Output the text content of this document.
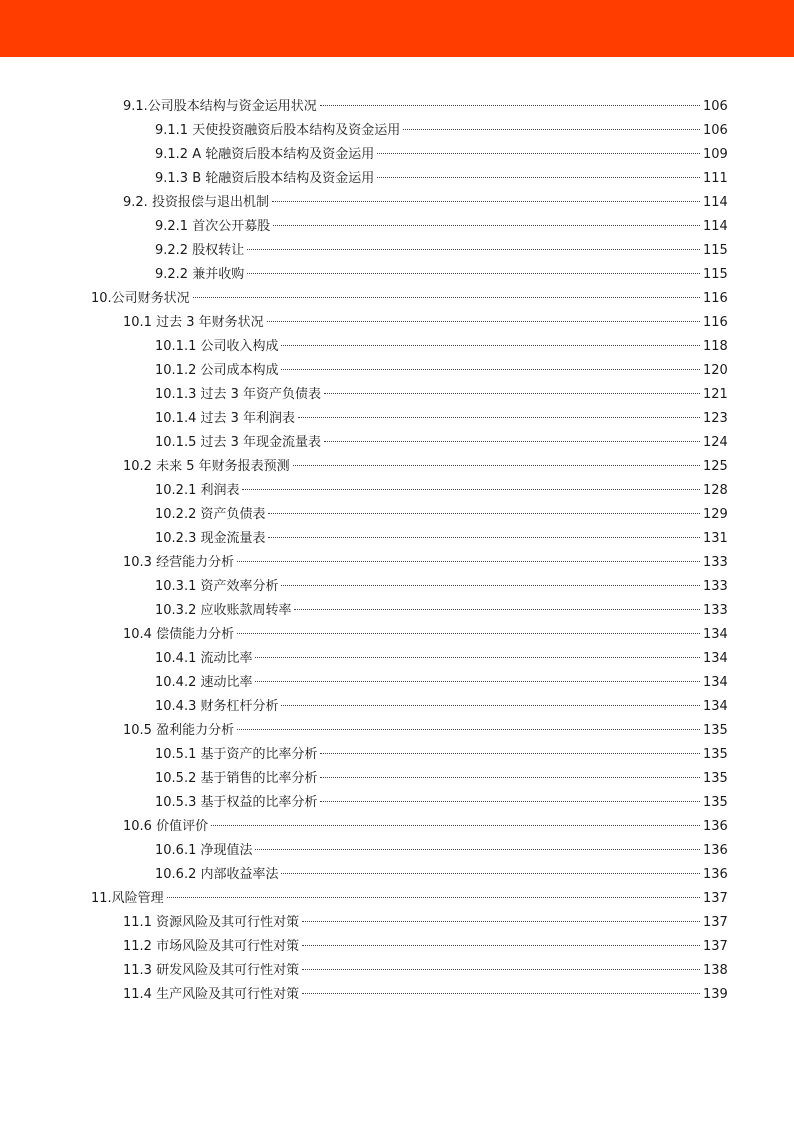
9.1.公司股本结构与资金运用状况	106
9.1.1 天使投资融资后股本结构及资金运用	106
9.1.2 A 轮融资后股本结构及资金运用	109
9.1.3 B 轮融资后股本结构及资金运用	111
9.2. 投资报偿与退出机制	114
9.2.1 首次公开募股	114
9.2.2 股权转让	115
9.2.2 兼并收购	115
10.公司财务状况	116
10.1 过去 3 年财务状况	116
10.1.1 公司收入构成	118
10.1.2 公司成本构成	120
10.1.3 过去 3 年资产负债表	121
10.1.4 过去 3 年利润表	123
10.1.5 过去 3 年现金流量表	124
10.2 未来 5 年财务报表预测	125
10.2.1 利润表	128
10.2.2 资产负债表	129
10.2.3 现金流量表	131
10.3 经营能力分析	133
10.3.1 资产效率分析	133
10.3.2 应收账款周转率	133
10.4 偿债能力分析	134
10.4.1 流动比率	134
10.4.2 速动比率	134
10.4.3 财务杠杆分析	134
10.5 盈利能力分析	135
10.5.1 基于资产的比率分析	135
10.5.2 基于销售的比率分析	135
10.5.3 基于权益的比率分析	135
10.6 价值评价	136
10.6.1 净现值法	136
10.6.2 内部收益率法	136
11.风险管理	137
11.1 资源风险及其可行性对策	137
11.2 市场风险及其可行性对策	137
11.3 研发风险及其可行性对策	138
11.4 生产风险及其可行性对策	139
